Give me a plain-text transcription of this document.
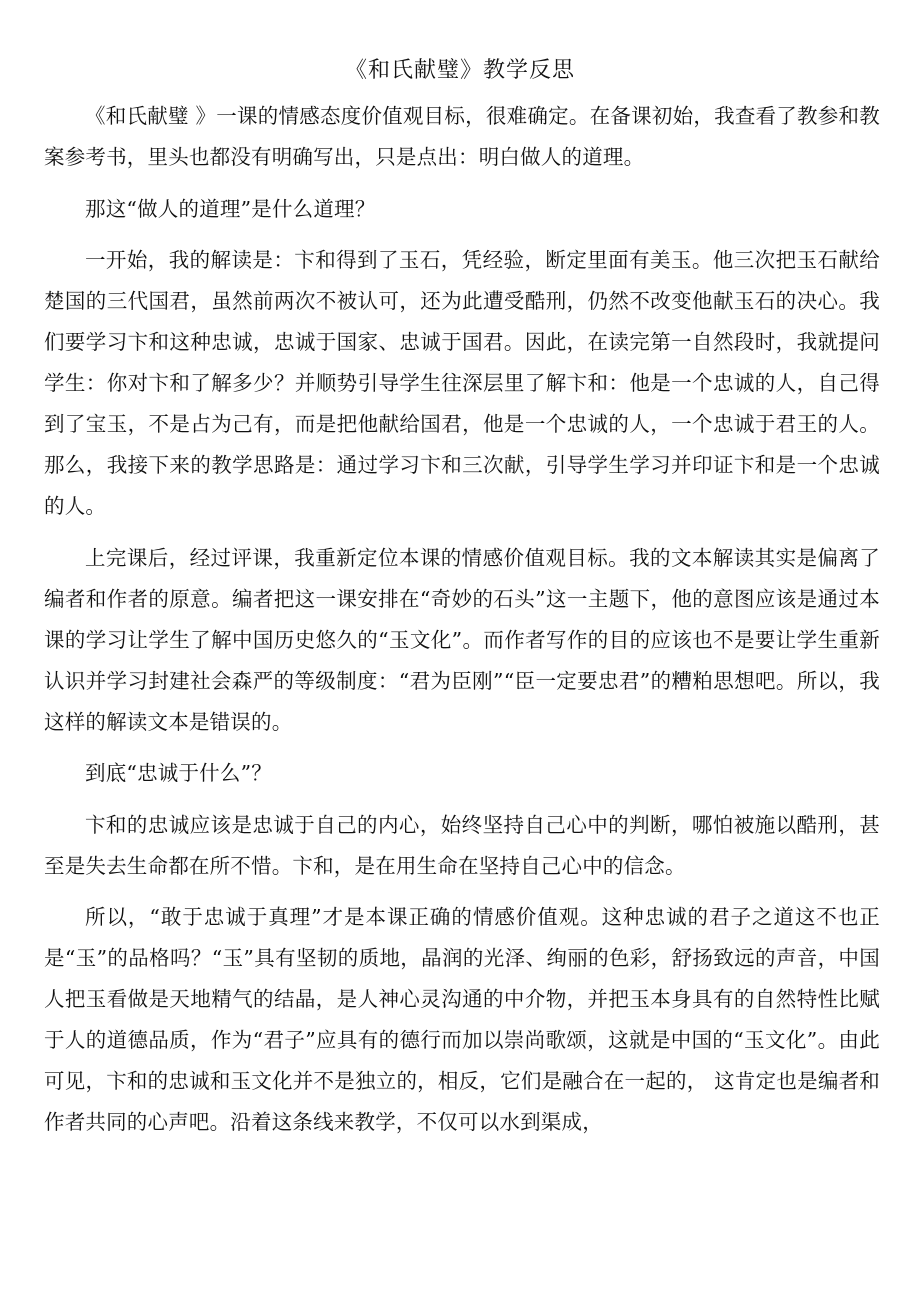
《和氏献璧》教学反思

《和氏献璧 》一课的情感态度价值观目标，很难确定。在备课初始，我查看了教参和教案参考书，里头也都没有明确写出，只是点出：明白做人的道理。

那这“做人的道理”是什么道理？

一开始，我的解读是：卞和得到了玉石，凭经验，断定里面有美玉。他三次把玉石献给楚国的三代国君，虽然前两次不被认可，还为此遭受酷刑，仍然不改变他献玉石的决心。我们要学习卞和这种忠诚，忠诚于国家、忠诚于国君。因此，在读完第一自然段时，我就提问学生：你对卞和了解多少？并顺势引导学生往深层里了解卞和：他是一个忠诚的人，自己得到了宝玉，不是占为己有，而是把他献给国君，他是一个忠诚的人，一个忠诚于君王的人。那么，我接下来的教学思路是：通过学习卞和三次献，引导学生学习并印证卞和是一个忠诚的人。

上完课后，经过评课，我重新定位本课的情感价值观目标。我的文本解读其实是偏离了编者和作者的原意。编者把这一课安排在“奇妙的石头”这一主题下，他的意图应该是通过本课的学习让学生了解中国历史悠久的“玉文化”。而作者写作的目的应该也不是要让学生重新认识并学习封建社会森严的等级制度：“君为臣刚”“臣一定要忠君”的糟粕思想吧。所以，我这样的解读文本是错误的。

到底“忠诚于什么”？

卞和的忠诚应该是忠诚于自己的内心，始终坚持自己心中的判断，哪怕被施以酷刑，甚至是失去生命都在所不惜。卞和，是在用生命在坚持自己心中的信念。

所以，“敢于忠诚于真理”才是本课正确的情感价值观。这种忠诚的君子之道这不也正是“玉”的品格吗？“玉”具有坚韧的质地，晶润的光泽、绚丽的色彩，舒扬致远的声音，中国人把玉看做是天地精气的结晶，是人神心灵沟通的中介物，并把玉本身具有的自然特性比赋于人的道德品质，作为“君子”应具有的德行而加以崇尚歌颂，这就是中国的“玉文化”。由此可见，卞和的忠诚和玉文化并不是独立的，相反，它们是融合在一起的， 这肯定也是编者和作者共同的心声吧。沿着这条线来教学，不仅可以水到渠成，
